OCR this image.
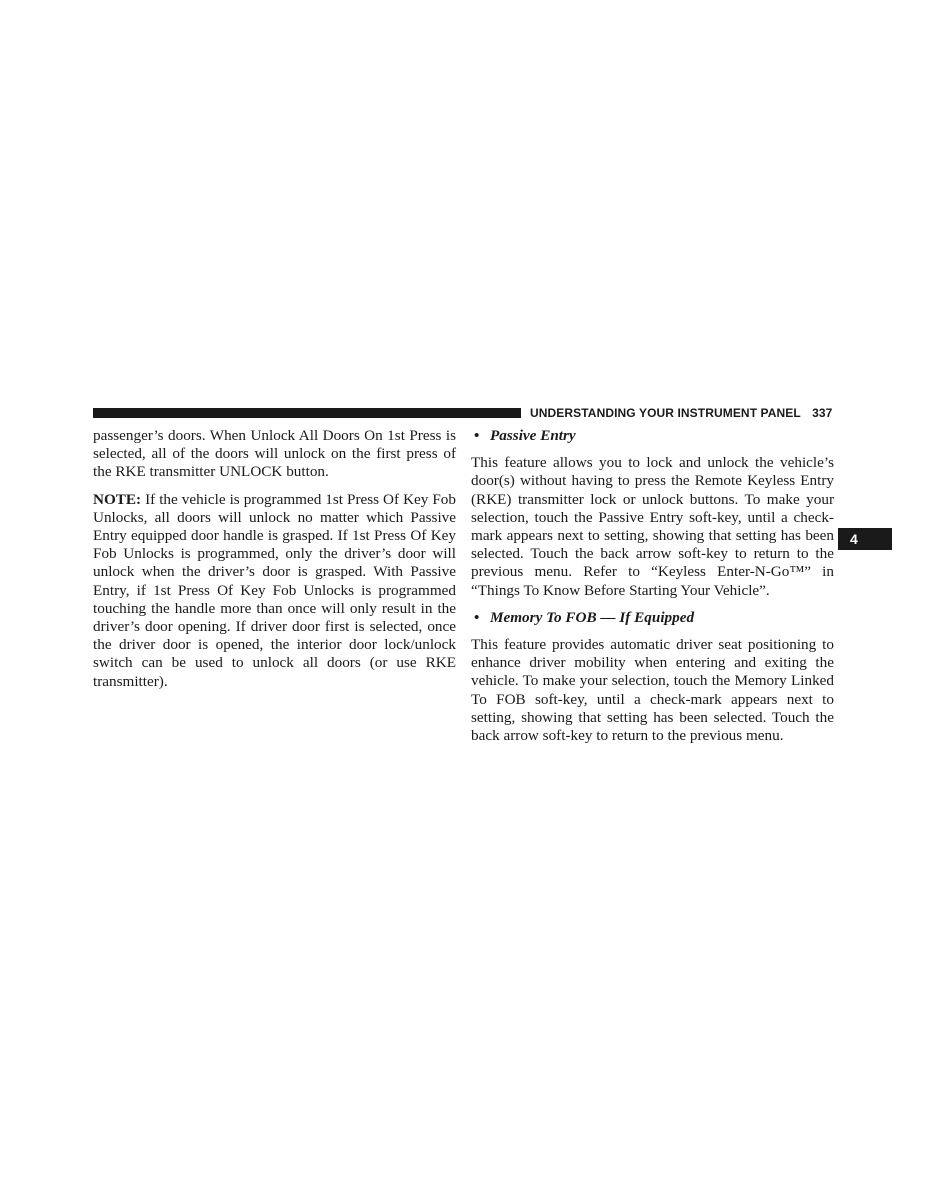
UNDERSTANDING YOUR INSTRUMENT PANEL 337
4

passenger’s doors. When Unlock All Doors On 1st Press is selected, all of the doors will unlock on the first press of the RKE transmitter UNLOCK button.

NOTE: If the vehicle is programmed 1st Press Of Key Fob Unlocks, all doors will unlock no matter which Passive Entry equipped door handle is grasped. If 1st Press Of Key Fob Unlocks is programmed, only the driver’s door will unlock when the driver’s door is grasped. With Passive Entry, if 1st Press Of Key Fob Unlocks is programmed touching the handle more than once will only result in the driver’s door opening. If driver door first is selected, once the driver door is opened, the interior door lock/unlock switch can be used to unlock all doors (or use RKE transmitter).

• Passive Entry

This feature allows you to lock and unlock the vehicle’s door(s) without having to press the Remote Keyless Entry (RKE) transmitter lock or unlock buttons. To make your selection, touch the Passive Entry soft-key, until a check-mark appears next to setting, showing that setting has been selected. Touch the back arrow soft-key to return to the previous menu. Refer to “Keyless Enter-N-Go™” in “Things To Know Before Starting Your Vehicle”.

• Memory To FOB — If Equipped

This feature provides automatic driver seat positioning to enhance driver mobility when entering and exiting the vehicle. To make your selection, touch the Memory Linked To FOB soft-key, until a check-mark appears next to setting, showing that setting has been selected. Touch the back arrow soft-key to return to the previous menu.
